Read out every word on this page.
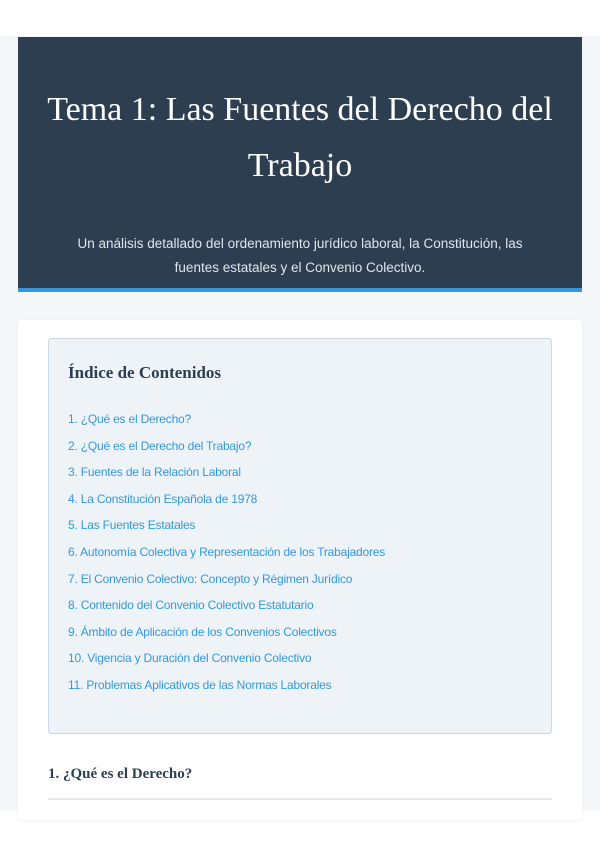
Tema 1: Las Fuentes del Derecho del Trabajo

Un análisis detallado del ordenamiento jurídico laboral, la Constitución, las fuentes estatales y el Convenio Colectivo.

Índice de Contenidos
1. ¿Qué es el Derecho?
2. ¿Qué es el Derecho del Trabajo?
3. Fuentes de la Relación Laboral
4. La Constitución Española de 1978
5. Las Fuentes Estatales
6. Autonomía Colectiva y Representación de los Trabajadores
7. El Convenio Colectivo: Concepto y Régimen Jurídico
8. Contenido del Convenio Colectivo Estatutario
9. Ámbito de Aplicación de los Convenios Colectivos
10. Vigencia y Duración del Convenio Colectivo
11. Problemas Aplicativos de las Normas Laborales
1. ¿Qué es el Derecho?
